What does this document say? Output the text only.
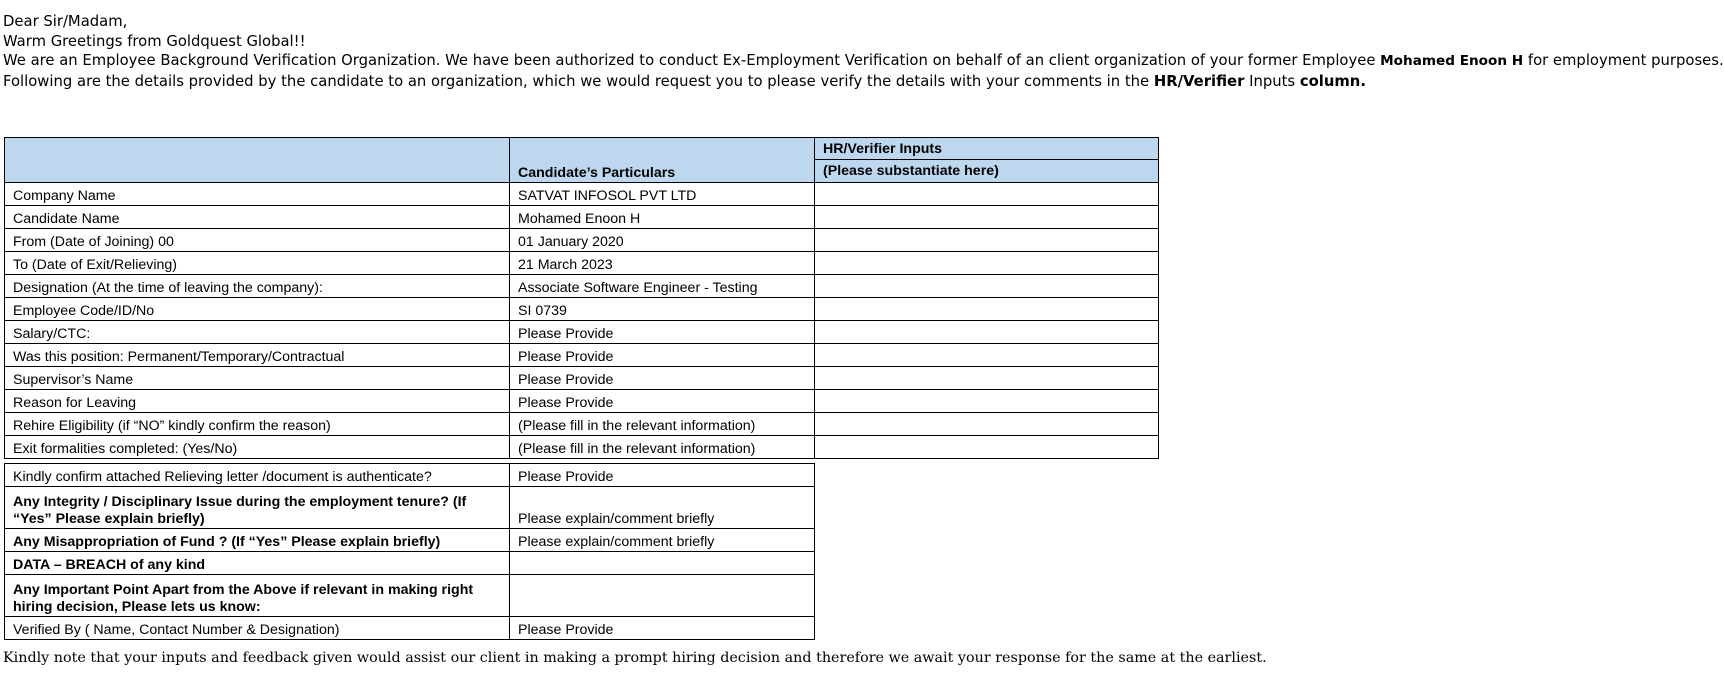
Dear Sir/Madam,

Warm Greetings from Goldquest Global!!

We are an Employee Background Verification Organization. We have been authorized to conduct Ex-Employment Verification on behalf of an client organization of your former Employee Mohamed Enoon H for employment purposes.

Following are the details provided by the candidate to an organization, which we would request you to please verify the details with your comments in the HR/Verifier Inputs column.

	Candidate’s Particulars	HR/Verifier Inputs
(Please substantiate here)

Company Name	SATVAT INFOSOL PVT LTD	
Candidate Name	Mohamed Enoon H	
From (Date of Joining) 00	01 January 2020	
To (Date of Exit/Relieving)	21 March 2023	
Designation (At the time of leaving the company):	Associate Software Engineer - Testing	
Employee Code/ID/No	SI 0739	
Salary/CTC:	Please Provide	
Was this position: Permanent/Temporary/Contractual	Please Provide	
Supervisor’s Name	Please Provide	
Reason for Leaving	Please Provide	
Rehire Eligibility (if “NO” kindly confirm the reason)	(Please fill in the relevant information)	
Exit formalities completed: (Yes/No)	(Please fill in the relevant information)	
Kindly confirm attached Relieving letter /document is authenticate?	Please Provide
Any Integrity / Disciplinary Issue during the employment tenure? (If “Yes” Please explain briefly)	Please explain/comment briefly
Any Misappropriation of Fund ? (If “Yes” Please explain briefly)	Please explain/comment briefly
DATA – BREACH of any kind	
Any Important Point Apart from the Above if relevant in making right hiring decision, Please lets us know:	
Verified By ( Name, Contact Number & Designation)	Please Provide
Kindly note that your inputs and feedback given would assist our client in making a prompt hiring decision and therefore we await your response for the same at the earliest.
